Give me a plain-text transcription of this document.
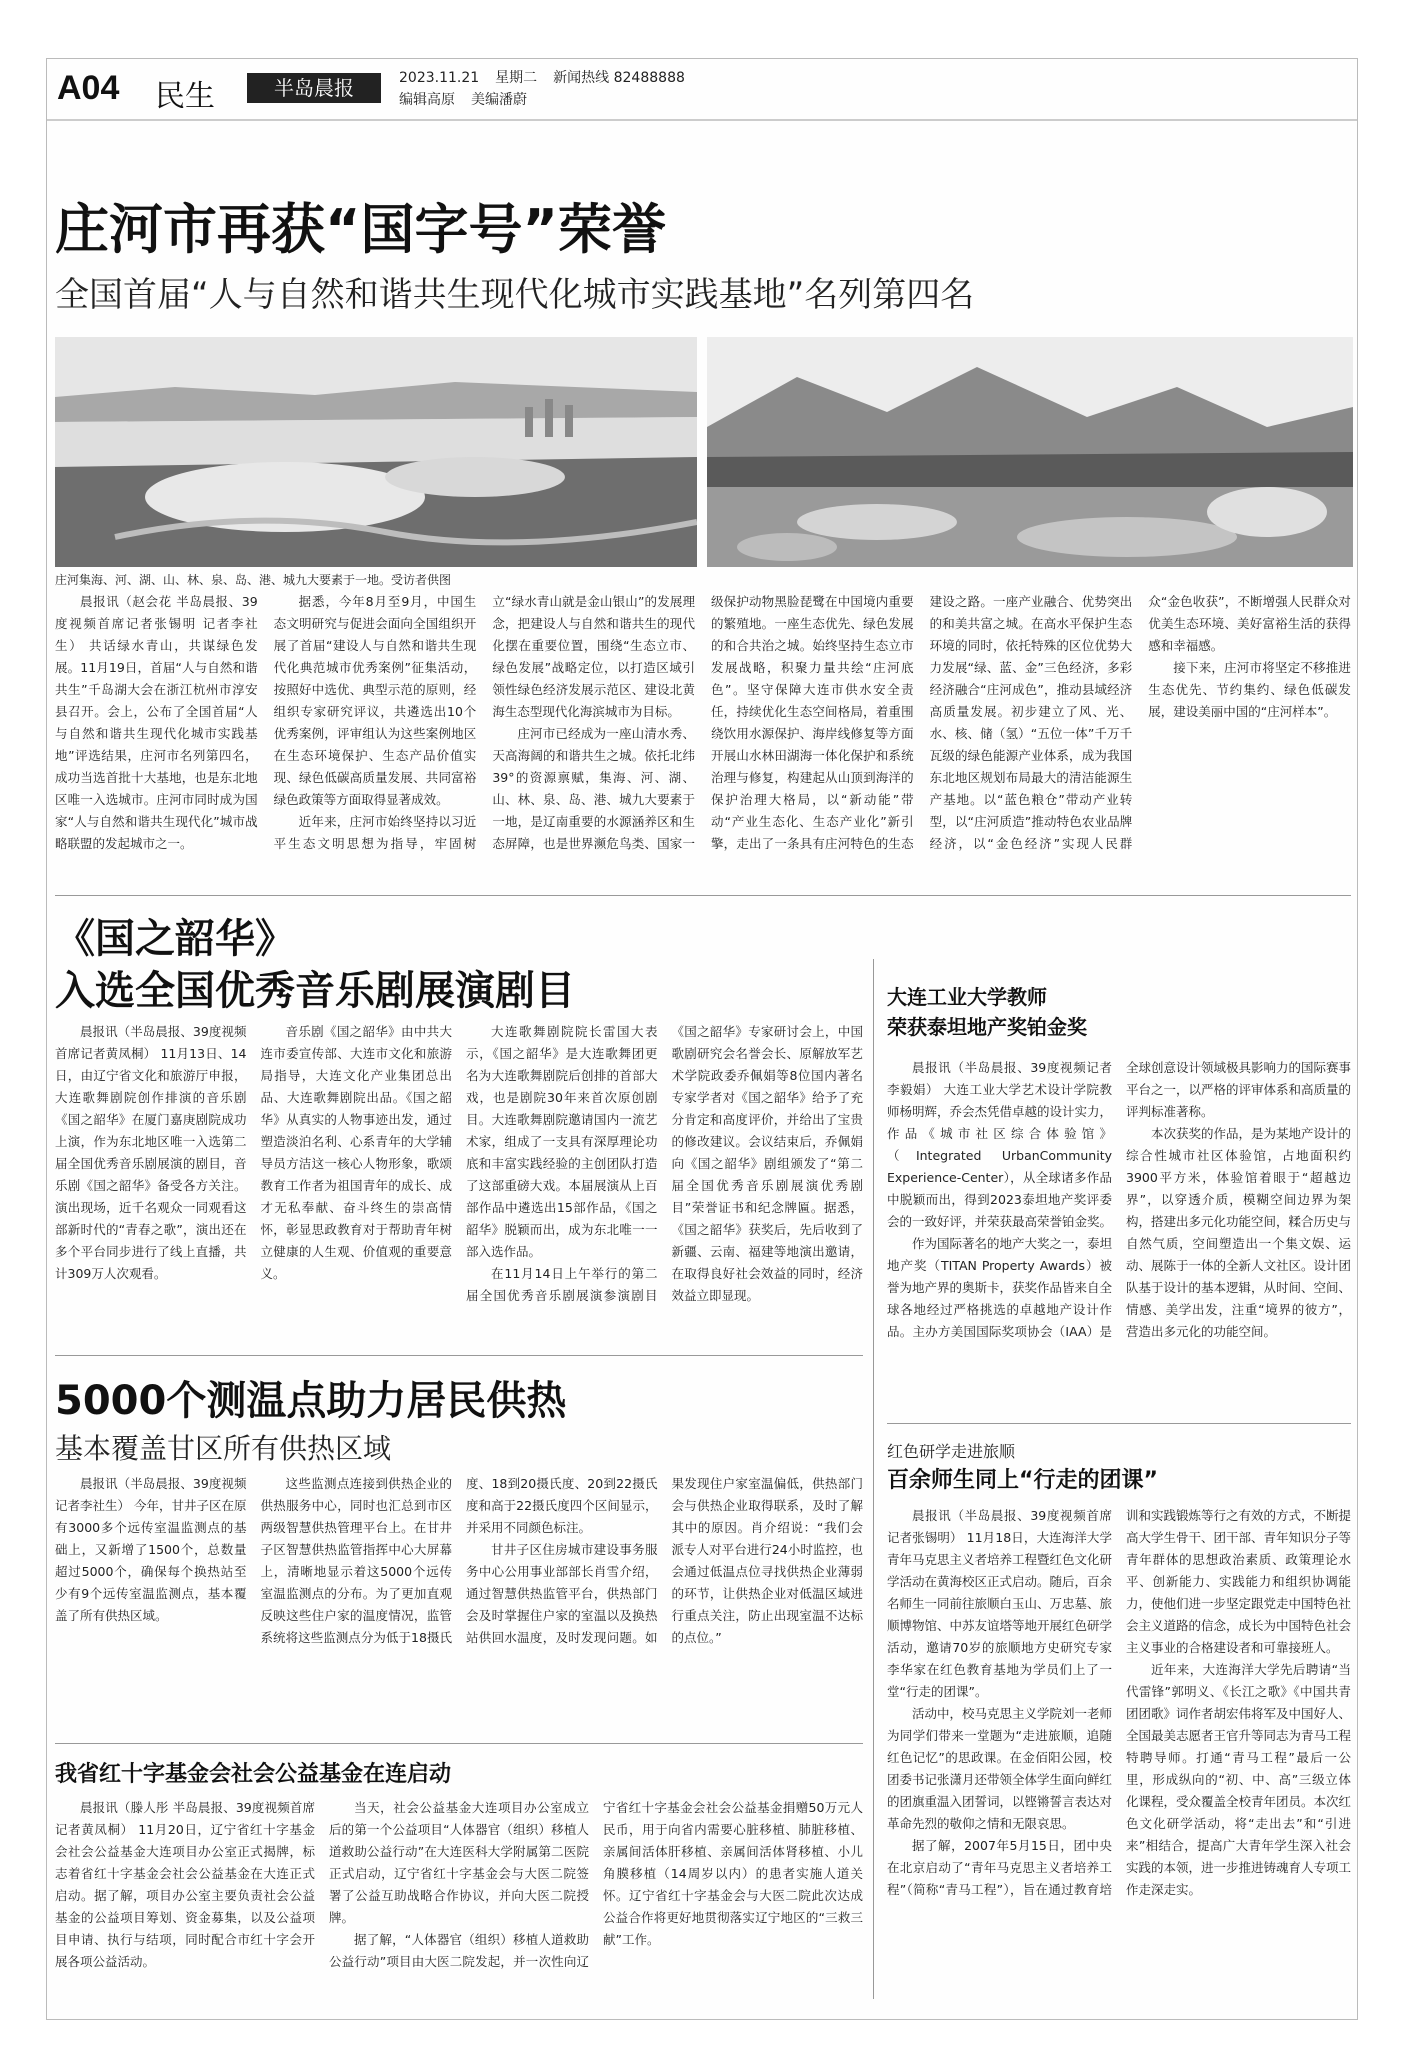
A04 民生	半岛晨报	2023.11.21 星期二 新闻热线 82488888
编辑高原 美编潘蔚
庄河市再获“国字号”荣誉
全国首届“人与自然和谐共生现代化城市实践基地”名列第四名
庄河集海、河、湖、山、林、泉、岛、港、城九大要素于一地。受访者供图

晨报讯（赵会花 半岛晨报、39度视频首席记者张锡明 记者李社生） 共话绿水青山，共谋绿色发展。11月19日，首届“人与自然和谐共生”千岛湖大会在浙江杭州市淳安县召开。会上，公布了全国首届“人与自然和谐共生现代化城市实践基地”评选结果，庄河市名列第四名，成功当选首批十大基地，也是东北地区唯一入选城市。庄河市同时成为国家“人与自然和谐共生现代化”城市战略联盟的发起城市之一。

据悉，今年8月至9月，中国生态文明研究与促进会面向全国组织开展了首届“建设人与自然和谐共生现代化典范城市优秀案例”征集活动，按照好中选优、典型示范的原则，经组织专家研究评议，共遴选出10个优秀案例，评审组认为这些案例地区在生态环境保护、生态产品价值实现、绿色低碳高质量发展、共同富裕绿色政策等方面取得显著成效。

近年来，庄河市始终坚持以习近平生态文明思想为指导，牢固树立“绿水青山就是金山银山”的发展理念，把建设人与自然和谐共生的现代化摆在重要位置，围绕“生态立市、绿色发展”战略定位，以打造区域引领性绿色经济发展示范区、建设北黄海生态型现代化海滨城市为目标。

庄河市已经成为一座山清水秀、天高海阔的和谐共生之城。依托北纬39°的资源禀赋，集海、河、湖、山、林、泉、岛、港、城九大要素于一地，是辽南重要的水源涵养区和生态屏障，也是世界濒危鸟类、国家一级保护动物黑脸琵鹭在中国境内重要的繁殖地。一座生态优先、绿色发展的和合共治之城。始终坚持生态立市发展战略，积聚力量共绘“庄河底色”。坚守保障大连市供水安全责任，持续优化生态空间格局，着重围绕饮用水源保护、海岸线修复等方面开展山水林田湖海一体化保护和系统治理与修复，构建起从山顶到海洋的保护治理大格局，以“新动能”带动“产业生态化、生态产业化”新引擎，走出了一条具有庄河特色的生态建设之路。一座产业融合、优势突出的和美共富之城。在高水平保护生态环境的同时，依托特殊的区位优势大力发展“绿、蓝、金”三色经济，多彩经济融合“庄河成色”，推动县域经济高质量发展。初步建立了风、光、水、核、储（氢）“五位一体”千万千瓦级的绿色能源产业体系，成为我国东北地区规划布局最大的清洁能源生产基地。以“蓝色粮仓”带动产业转型，以“庄河质造”推动特色农业品牌经济，以“金色经济”实现人民群众“金色收获”，不断增强人民群众对优美生态环境、美好富裕生活的获得感和幸福感。

接下来，庄河市将坚定不移推进生态优先、节约集约、绿色低碳发展，建设美丽中国的“庄河样本”。

《国之韶华》
入选全国优秀音乐剧展演剧目

晨报讯（半岛晨报、39度视频首席记者黄凤桐） 11月13日、14日，由辽宁省文化和旅游厅申报，大连歌舞剧院创作排演的音乐剧《国之韶华》在厦门嘉庚剧院成功上演，作为东北地区唯一入选第二届全国优秀音乐剧展演的剧目，音乐剧《国之韶华》备受各方关注。演出现场，近千名观众一同观看这部新时代的“青春之歌”，演出还在多个平台同步进行了线上直播，共计309万人次观看。

音乐剧《国之韶华》由中共大连市委宣传部、大连市文化和旅游局指导，大连文化产业集团总出品、大连歌舞剧院出品。《国之韶华》从真实的人物事迹出发，通过塑造淡泊名利、心系青年的大学辅导员方洁这一核心人物形象，歌颂教育工作者为祖国青年的成长、成才无私奉献、奋斗终生的崇高情怀，彰显思政教育对于帮助青年树立健康的人生观、价值观的重要意义。

大连歌舞剧院院长雷国大表示，《国之韶华》是大连歌舞团更名为大连歌舞剧院后创排的首部大戏，也是剧院30年来首次原创剧目。大连歌舞剧院邀请国内一流艺术家，组成了一支具有深厚理论功底和丰富实践经验的主创团队打造了这部重磅大戏。本届展演从上百部作品中遴选出15部作品，《国之韶华》脱颖而出，成为东北唯一一部入选作品。

在11月14日上午举行的第二届全国优秀音乐剧展演参演剧目《国之韶华》专家研讨会上，中国歌剧研究会名誉会长、原解放军艺术学院政委乔佩娟等8位国内著名专家学者对《国之韶华》给予了充分肯定和高度评价，并给出了宝贵的修改建议。会议结束后，乔佩娟向《国之韶华》剧组颁发了“第二届全国优秀音乐剧展演优秀剧目”荣誉证书和纪念牌匾。据悉，《国之韶华》获奖后，先后收到了新疆、云南、福建等地演出邀请，在取得良好社会效益的同时，经济效益立即显现。

大连工业大学教师
荣获泰坦地产奖铂金奖

晨报讯（半岛晨报、39度视频记者李毅娟） 大连工业大学艺术设计学院教师杨明辉，乔会杰凭借卓越的设计实力，作品《城市社区综合体验馆》（Integrated UrbanCommunity Experience-Center），从全球诸多作品中脱颖而出，得到2023泰坦地产奖评委会的一致好评，并荣获最高荣誉铂金奖。

作为国际著名的地产大奖之一，泰坦地产奖（TITAN Property Awards）被誉为地产界的奥斯卡，获奖作品皆来自全球各地经过严格挑选的卓越地产设计作品。主办方美国国际奖项协会（IAA）是全球创意设计领域极具影响力的国际赛事平台之一，以严格的评审体系和高质量的评判标准著称。

本次获奖的作品，是为某地产设计的综合性城市社区体验馆，占地面积约3900平方米，体验馆着眼于“超越边界”，以穿透介质，模糊空间边界为架构，搭建出多元化功能空间，糅合历史与自然气质，空间塑造出一个集文娱、运动、展陈于一体的全新人文社区。设计团队基于设计的基本逻辑，从时间、空间、情感、美学出发，注重“境界的彼方”，营造出多元化的功能空间。

5000个测温点助力居民供热
基本覆盖甘区所有供热区域

晨报讯（半岛晨报、39度视频记者李社生） 今年，甘井子区在原有3000多个远传室温监测点的基础上，又新增了1500个，总数量超过5000个，确保每个换热站至少有9个远传室温监测点，基本覆盖了所有供热区域。

这些监测点连接到供热企业的供热服务中心，同时也汇总到市区两级智慧供热管理平台上。在甘井子区智慧供热监管指挥中心大屏幕上，清晰地显示着这5000个远传室温监测点的分布。为了更加直观反映这些住户家的温度情况，监管系统将这些监测点分为低于18摄氏度、18到20摄氏度、20到22摄氏度和高于22摄氏度四个区间显示，并采用不同颜色标注。

甘井子区住房城市建设事务服务中心公用事业部部长肖雪介绍，通过智慧供热监管平台，供热部门会及时掌握住户家的室温以及换热站供回水温度，及时发现问题。如果发现住户家室温偏低，供热部门会与供热企业取得联系，及时了解其中的原因。肖介绍说：“我们会派专人对平台进行24小时监控，也会通过低温点位寻找供热企业薄弱的环节，让供热企业对低温区域进行重点关注，防止出现室温不达标的点位。”

红色研学走进旅顺
百余师生同上“行走的团课”

晨报讯（半岛晨报、39度视频首席记者张锡明） 11月18日，大连海洋大学青年马克思主义者培养工程暨红色文化研学活动在黄海校区正式启动。随后，百余名师生一同前往旅顺白玉山、万忠墓、旅顺博物馆、中苏友谊塔等地开展红色研学活动，邀请70岁的旅顺地方史研究专家李华家在红色教育基地为学员们上了一堂“行走的团课”。

活动中，校马克思主义学院刘一老师为同学们带来一堂题为“走进旅顺，追随红色记忆”的思政课。在金佰阳公园，校团委书记张潇月还带领全体学生面向鲜红的团旗重温入团誓词，以铿锵誓言表达对革命先烈的敬仰之情和无限哀思。

据了解，2007年5月15日，团中央在北京启动了“青年马克思主义者培养工程”（简称“青马工程”），旨在通过教育培训和实践锻炼等行之有效的方式，不断提高大学生骨干、团干部、青年知识分子等青年群体的思想政治素质、政策理论水平、创新能力、实践能力和组织协调能力，使他们进一步坚定跟党走中国特色社会主义道路的信念，成长为中国特色社会主义事业的合格建设者和可靠接班人。

近年来，大连海洋大学先后聘请“当代雷锋”郭明义、《长江之歌》《中国共青团团歌》词作者胡宏伟将军及中国好人、全国最美志愿者王官升等同志为青马工程特聘导师。打通“青马工程”最后一公里，形成纵向的“初、中、高”三级立体化课程，受众覆盖全校青年团员。本次红色文化研学活动，将“走出去”和“引进来”相结合，提高广大青年学生深入社会实践的本领，进一步推进铸魂育人专项工作走深走实。

我省红十字基金会社会公益基金在连启动

晨报讯（滕人彤 半岛晨报、39度视频首席记者黄凤桐） 11月20日，辽宁省红十字基金会社会公益基金大连项目办公室正式揭牌，标志着省红十字基金会社会公益基金在大连正式启动。据了解，项目办公室主要负责社会公益基金的公益项目筹划、资金募集，以及公益项目申请、执行与结项，同时配合市红十字会开展各项公益活动。

当天，社会公益基金大连项目办公室成立后的第一个公益项目“人体器官（组织）移植人道救助公益行动”在大连医科大学附属第二医院正式启动，辽宁省红十字基金会与大医二院签署了公益互助战略合作协议，并向大医二院授牌。

据了解，“人体器官（组织）移植人道救助公益行动”项目由大医二院发起，并一次性向辽宁省红十字基金会社会公益基金捐赠50万元人民币，用于向省内需要心脏移植、肺脏移植、亲属间活体肝移植、亲属间活体肾移植、小儿角膜移植（14周岁以内）的患者实施人道关怀。辽宁省红十字基金会与大医二院此次达成公益合作将更好地贯彻落实辽宁地区的“三救三献”工作。
